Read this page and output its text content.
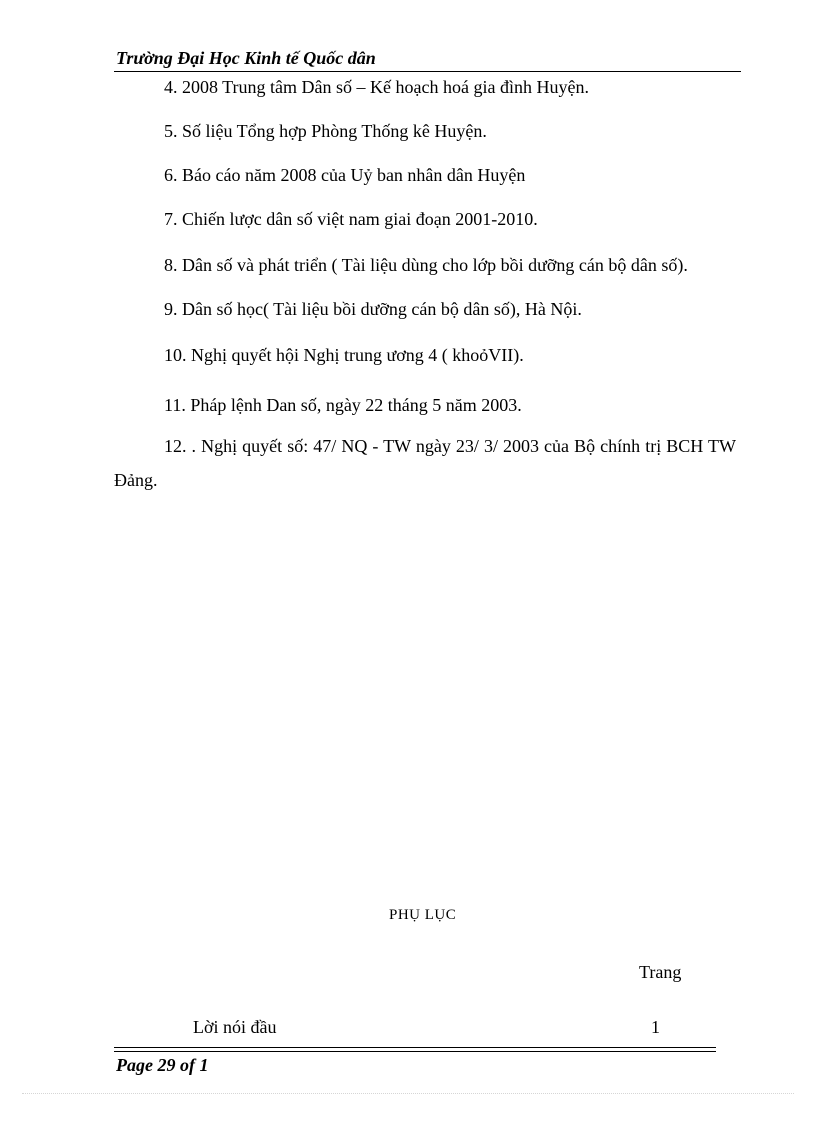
Trường Đại Học Kinh tế Quốc dân
4. 2008 Trung tâm Dân số – Kế hoạch hoá gia đình Huyện.
5. Số liệu Tổng hợp Phòng Thống kê Huyện.
6. Báo cáo năm 2008 của Uỷ ban nhân dân Huyện
7. Chiến lược dân số việt nam giai đoạn 2001-2010.
8. Dân số và phát triển ( Tài liệu dùng cho lớp bồi dưỡng cán bộ dân số).
9. Dân số học( Tài liệu bồi dưỡng cán bộ dân số), Hà Nội.
10. Nghị quyết hội Nghị trung ương 4 ( khoỏVII).
11. Pháp lệnh Dan số, ngày 22 tháng 5 năm 2003.
12. . Nghị quyết số: 47/ NQ - TW ngày 23/ 3/ 2003 của Bộ chính trị BCH TW Đảng.
PHỤ LỤC
Trang
Lời nói đầu	1
Page 29 of 1
